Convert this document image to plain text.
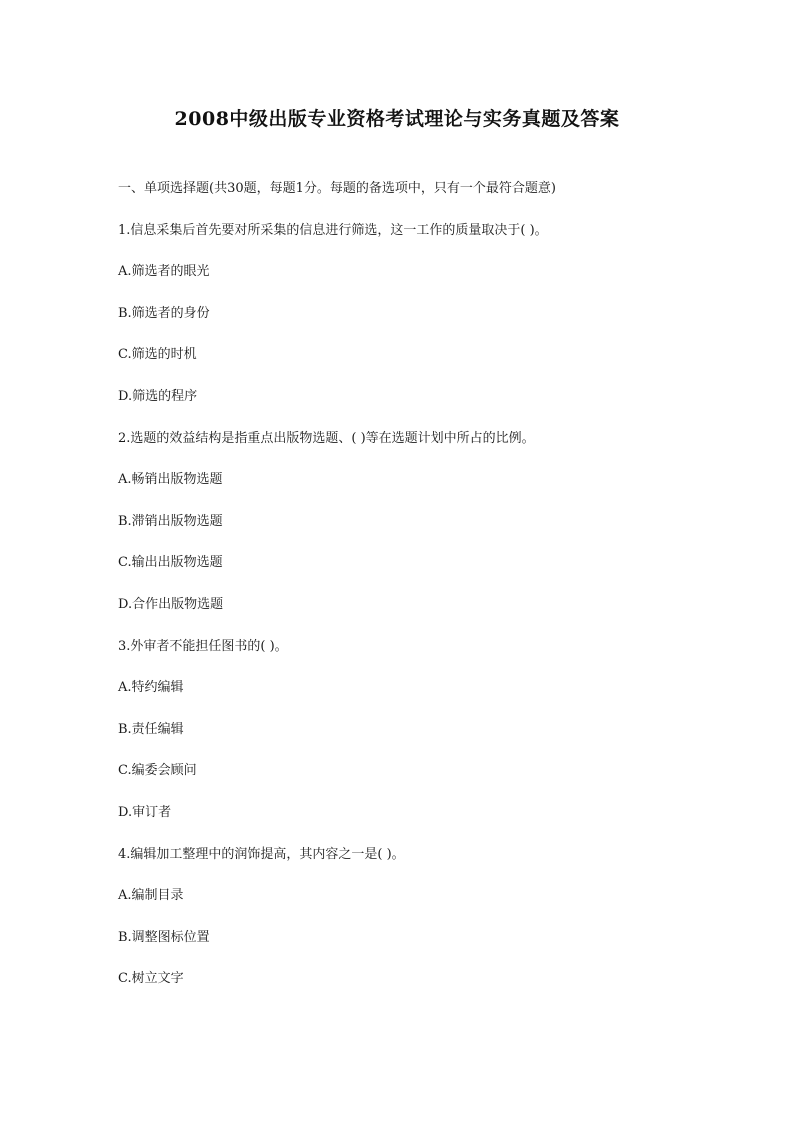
2008中级出版专业资格考试理论与实务真题及答案
一、单项选择题(共30题，每题1分。每题的备选项中，只有一个最符合题意)
1.信息采集后首先要对所采集的信息进行筛选，这一工作的质量取决于( )。
A.筛选者的眼光
B.筛选者的身份
C.筛选的时机
D.筛选的程序
2.选题的效益结构是指重点出版物选题、( )等在选题计划中所占的比例。
A.畅销出版物选题
B.滞销出版物选题
C.输出出版物选题
D.合作出版物选题
3.外审者不能担任图书的( )。
A.特约编辑
B.责任编辑
C.编委会顾问
D.审订者
4.编辑加工整理中的润饰提高，其内容之一是( )。
A.编制目录
B.调整图标位置
C.树立文字
